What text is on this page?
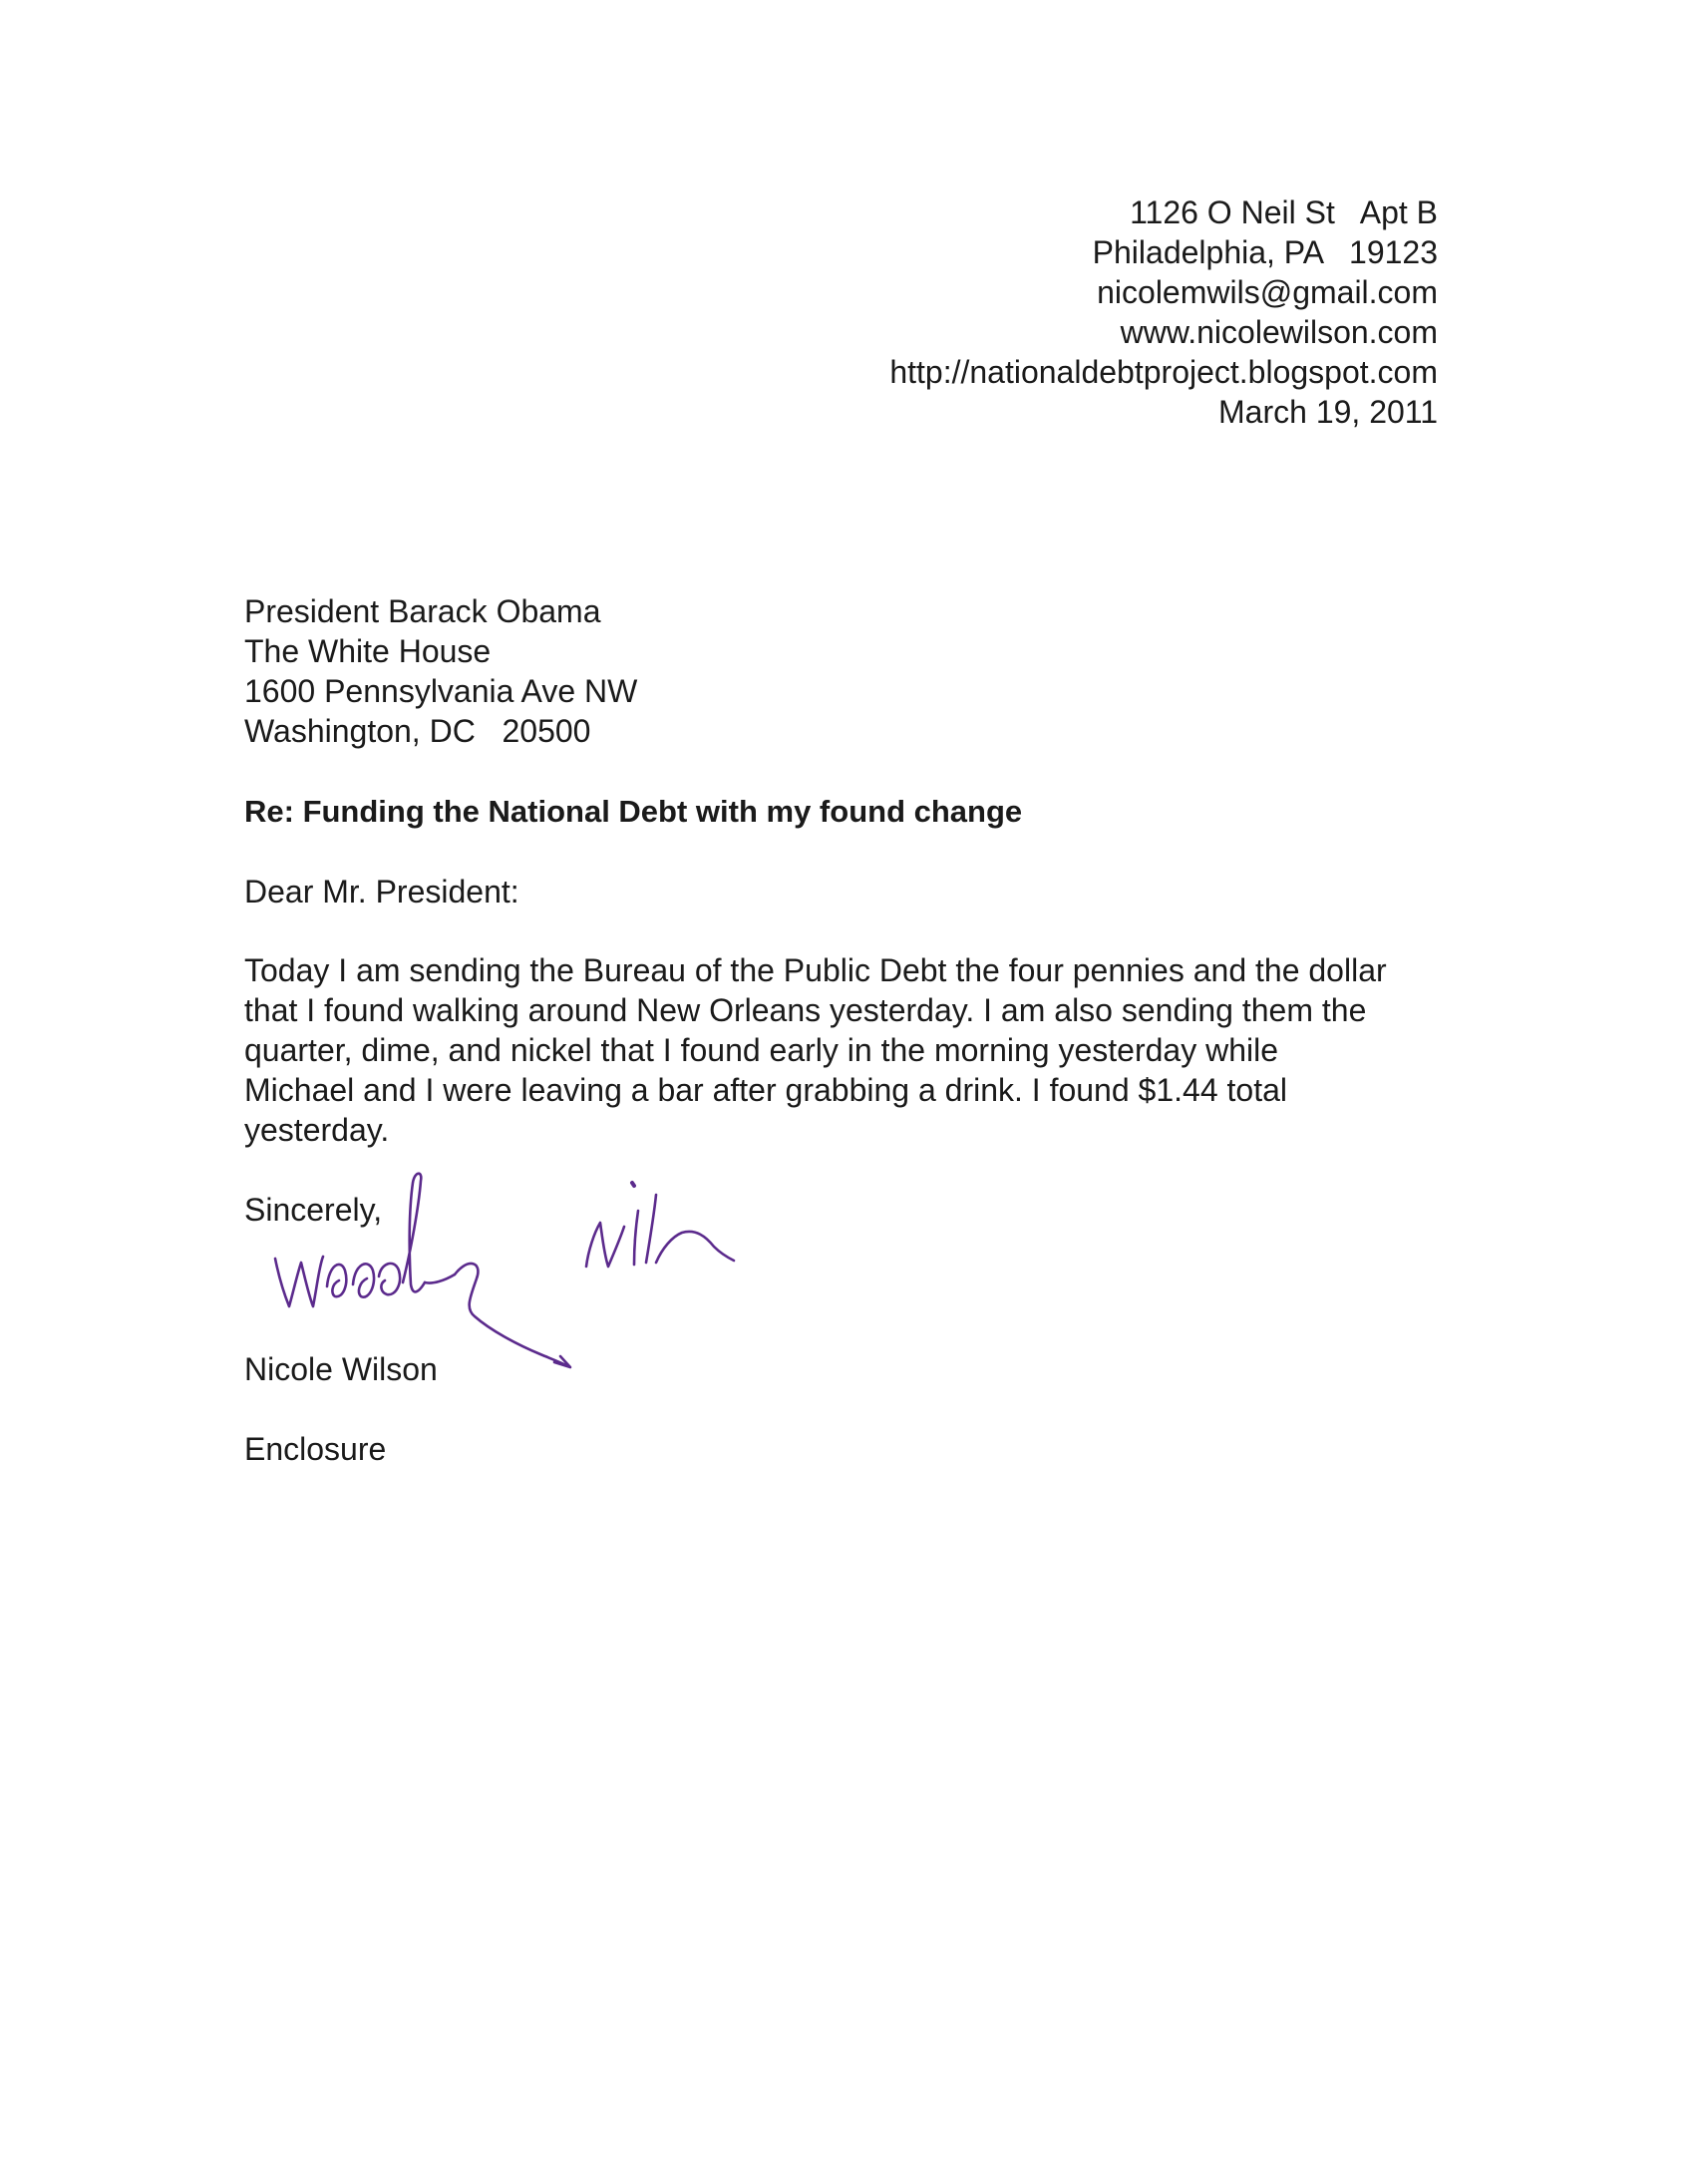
1126 O Neil St   Apt B
Philadelphia, PA   19123
nicolemwils@gmail.com
www.nicolewilson.com
http://nationaldebtproject.blogspot.com
March 19, 2011
President Barack Obama
The White House
1600 Pennsylvania Ave NW
Washington, DC   20500
Re: Funding the National Debt with my found change
Dear Mr. President:
Today I am sending the Bureau of the Public Debt the four pennies and the dollar
that I found walking around New Orleans yesterday. I am also sending them the
quarter, dime, and nickel that I found early in the morning yesterday while
Michael and I were leaving a bar after grabbing a drink. I found $1.44 total
yesterday.
Sincerely,
Nicole Wilson
Enclosure
